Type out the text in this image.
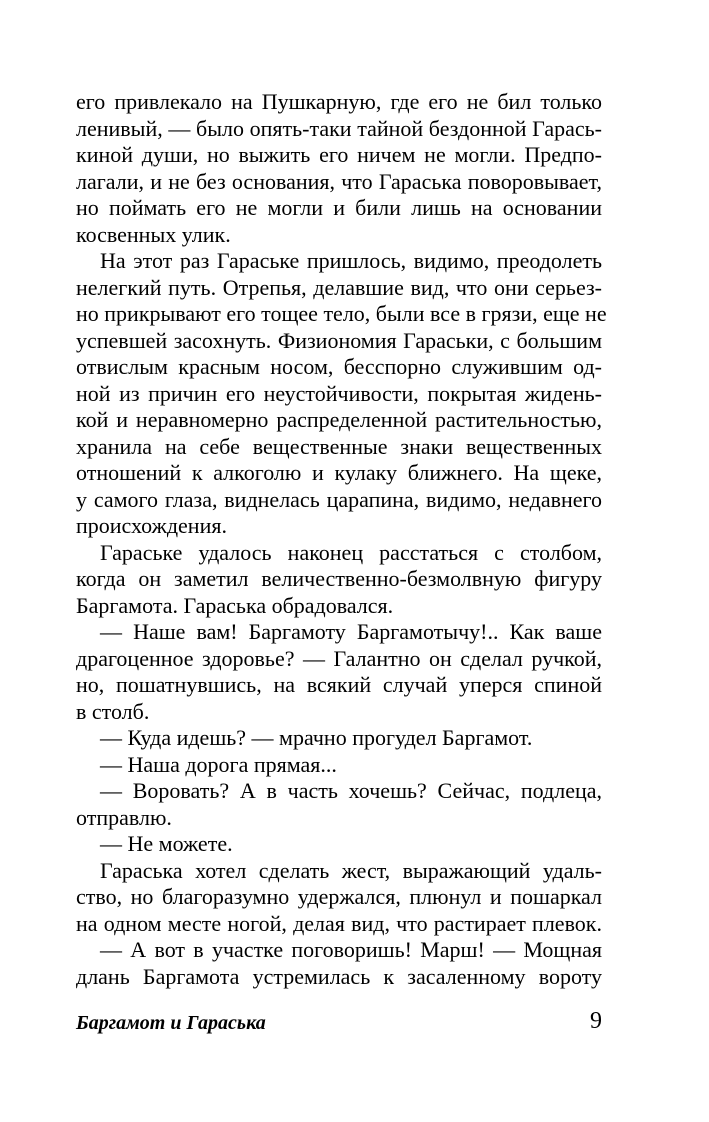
его привлекало на Пушкарную, где его не бил только
ленивый, — было опять-таки тайной бездонной Гарась-
киной души, но выжить его ничем не могли. Предпо-
лагали, и не без основания, что Гараська поворовывает,
но поймать его не могли и били лишь на основании
косвенных улик.
На этот раз Гараське пришлось, видимо, преодолеть
нелегкий путь. Отрепья, делавшие вид, что они серьез-
но прикрывают его тощее тело, были все в грязи, еще не
успевшей засохнуть. Физиономия Гараськи, с большим
отвислым красным носом, бесспорно служившим од-
ной из причин его неустойчивости, покрытая жидень-
кой и неравномерно распределенной растительностью,
хранила на себе вещественные знаки вещественных
отношений к алкоголю и кулаку ближнего. На щеке,
у самого глаза, виднелась царапина, видимо, недавнего
происхождения.
Гараське удалось наконец расстаться с столбом,
когда он заметил величественно-безмолвную фигуру
Баргамота. Гараська обрадовался.
— Наше вам! Баргамоту Баргамотычу!.. Как ваше
драгоценное здоровье? — Галантно он сделал ручкой,
но, пошатнувшись, на всякий случай уперся спиной
в столб.
— Куда идешь? — мрачно прогудел Баргамот.
— Наша дорога прямая...
— Воровать? А в часть хочешь? Сейчас, подлеца,
отправлю.
— Не можете.
Гараська хотел сделать жест, выражающий удаль-
ство, но благоразумно удержался, плюнул и пошаркал
на одном месте ногой, делая вид, что растирает плевок.
— А вот в участке поговоришь! Марш! — Мощная
длань Баргамота устремилась к засаленному вороту
Баргамот и Гараська	9
